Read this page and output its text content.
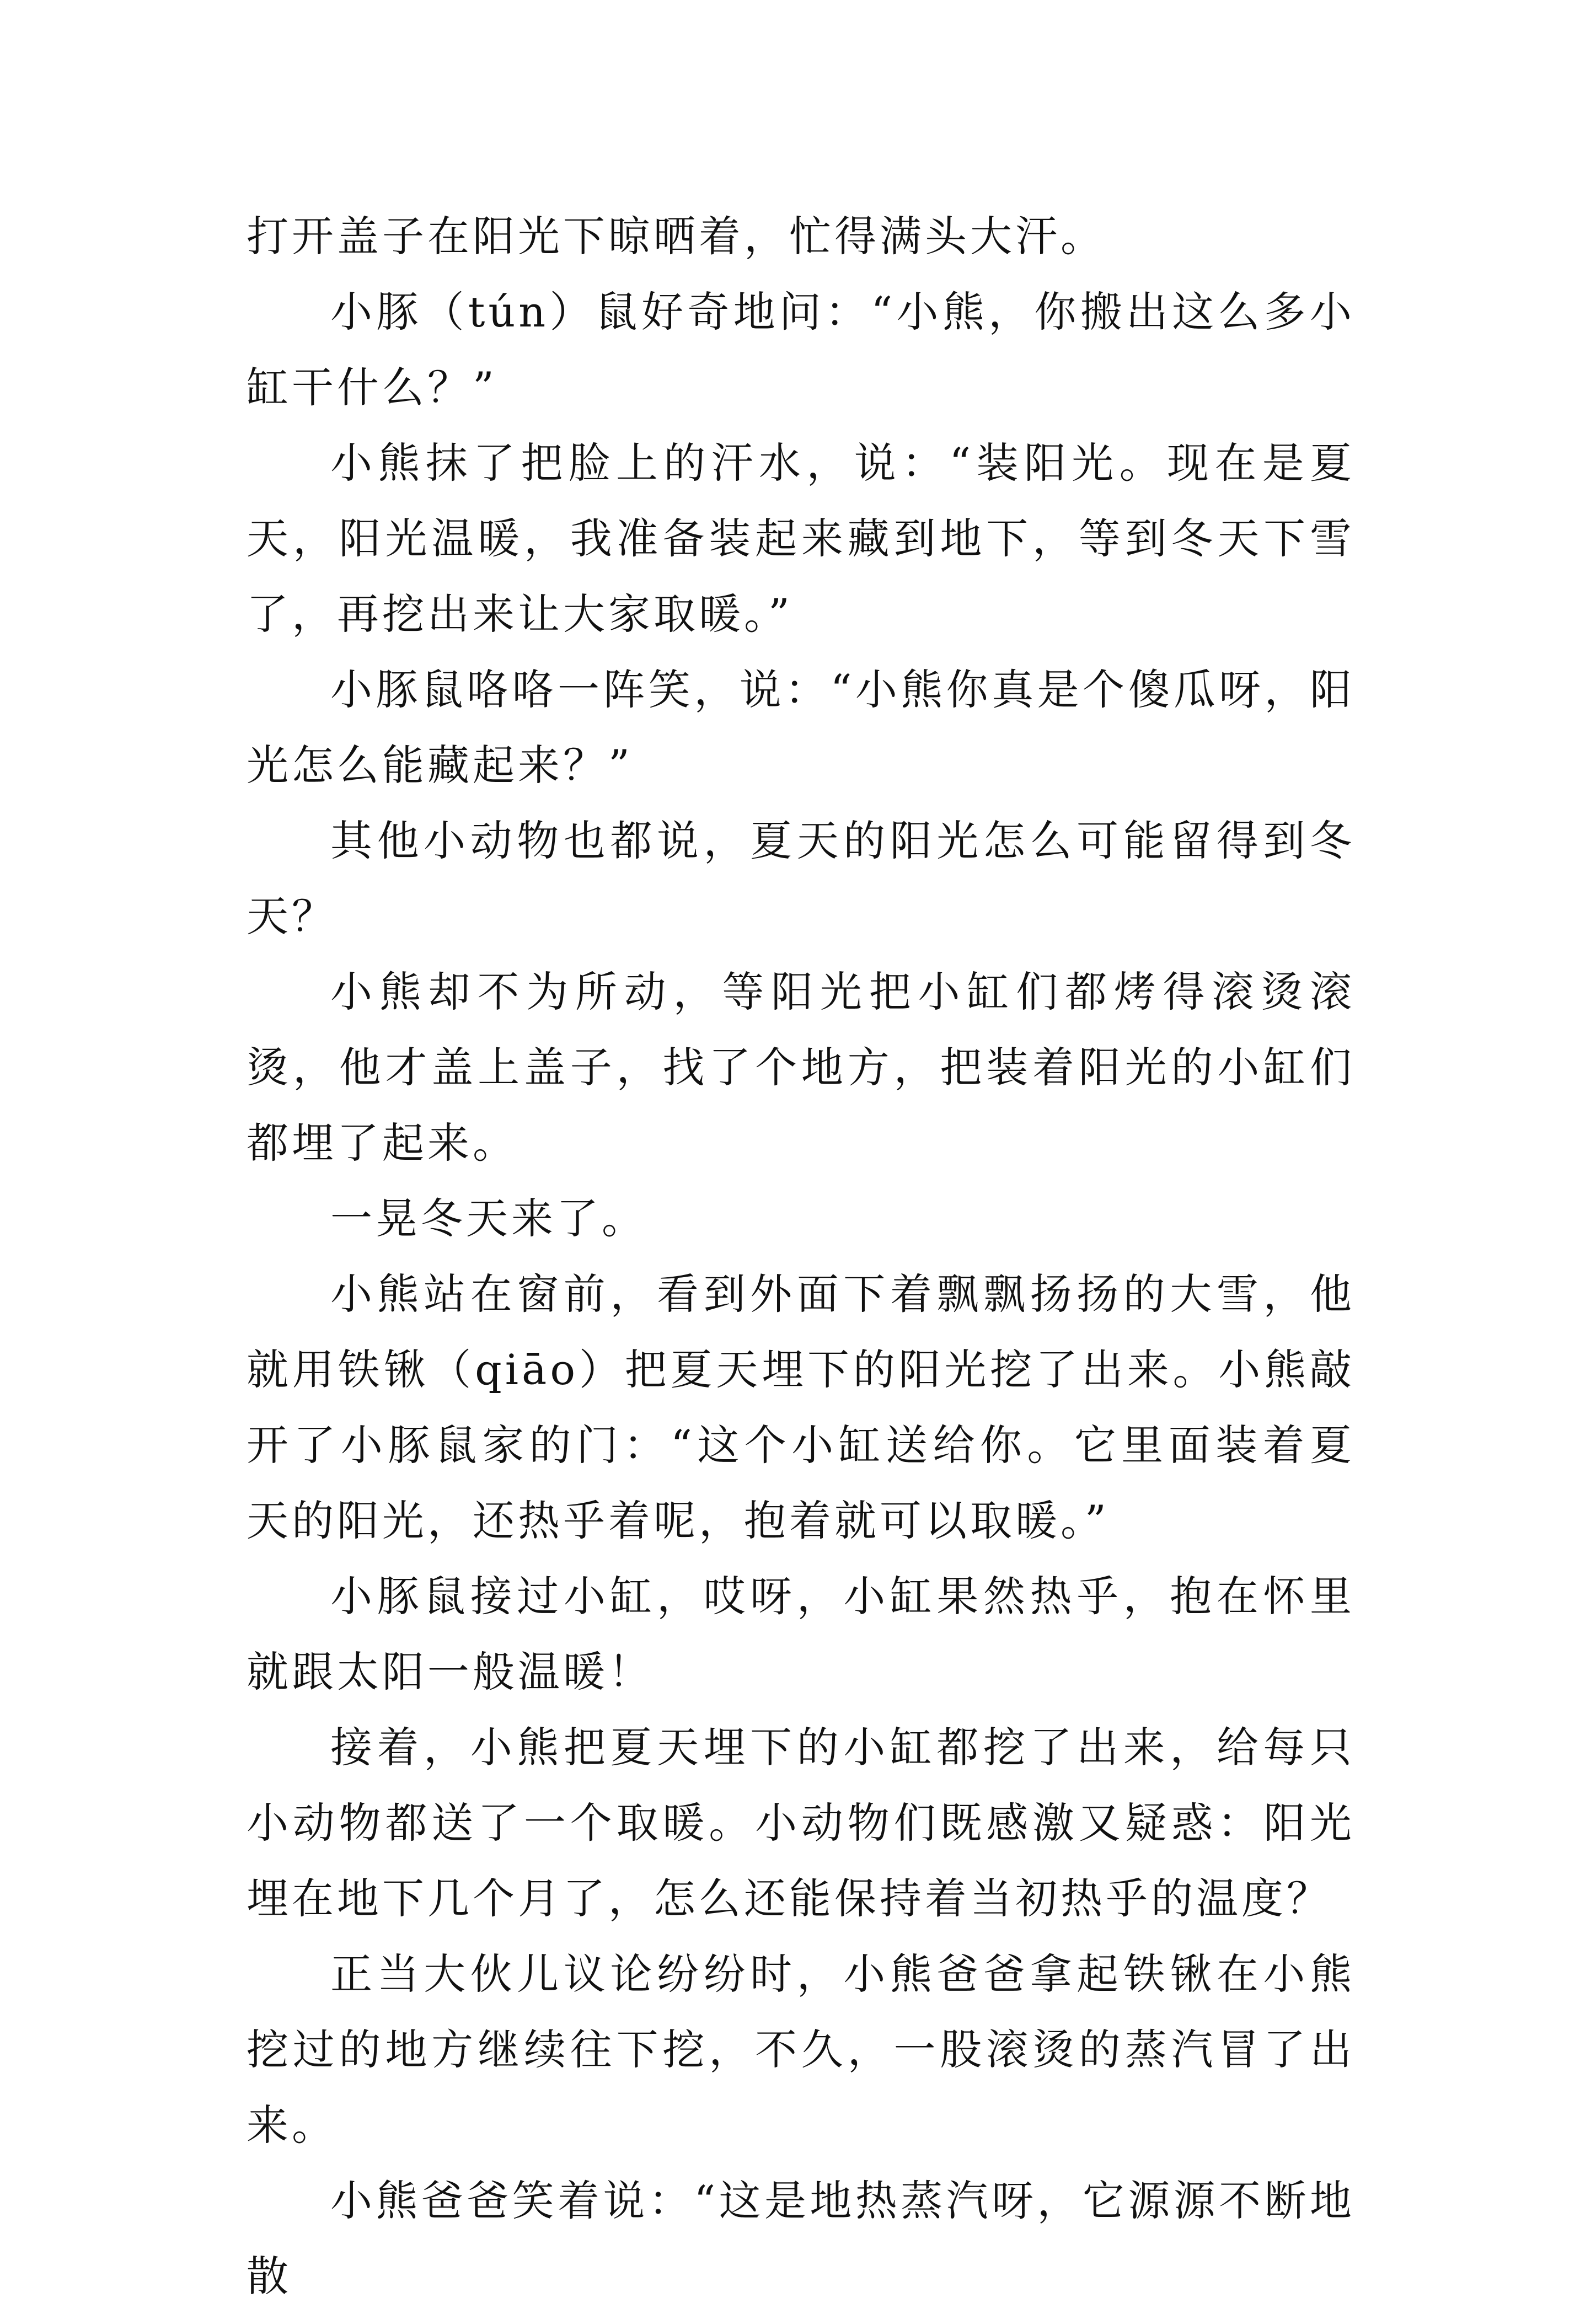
打开盖子在阳光下晾晒着，忙得满头大汗。

小豚（tún）鼠好奇地问：“小熊，你搬出这么多小缸干什么？”

小熊抹了把脸上的汗水，说：“装阳光。现在是夏天，阳光温暖，我准备装起来藏到地下，等到冬天下雪了，再挖出来让大家取暖。”

小豚鼠咯咯一阵笑，说：“小熊你真是个傻瓜呀，阳光怎么能藏起来？”

其他小动物也都说，夏天的阳光怎么可能留得到冬天？

小熊却不为所动，等阳光把小缸们都烤得滚烫滚烫，他才盖上盖子，找了个地方，把装着阳光的小缸们都埋了起来。

一晃冬天来了。

小熊站在窗前，看到外面下着飘飘扬扬的大雪，他就用铁锹（qiāo）把夏天埋下的阳光挖了出来。小熊敲开了小豚鼠家的门：“这个小缸送给你。它里面装着夏天的阳光，还热乎着呢，抱着就可以取暖。”

小豚鼠接过小缸，哎呀，小缸果然热乎，抱在怀里就跟太阳一般温暖！

接着，小熊把夏天埋下的小缸都挖了出来，给每只小动物都送了一个取暖。小动物们既感激又疑惑：阳光埋在地下几个月了，怎么还能保持着当初热乎的温度？

正当大伙儿议论纷纷时，小熊爸爸拿起铁锹在小熊挖过的地方继续往下挖，不久，一股滚烫的蒸汽冒了出来。

小熊爸爸笑着说：“这是地热蒸汽呀，它源源不断地散
